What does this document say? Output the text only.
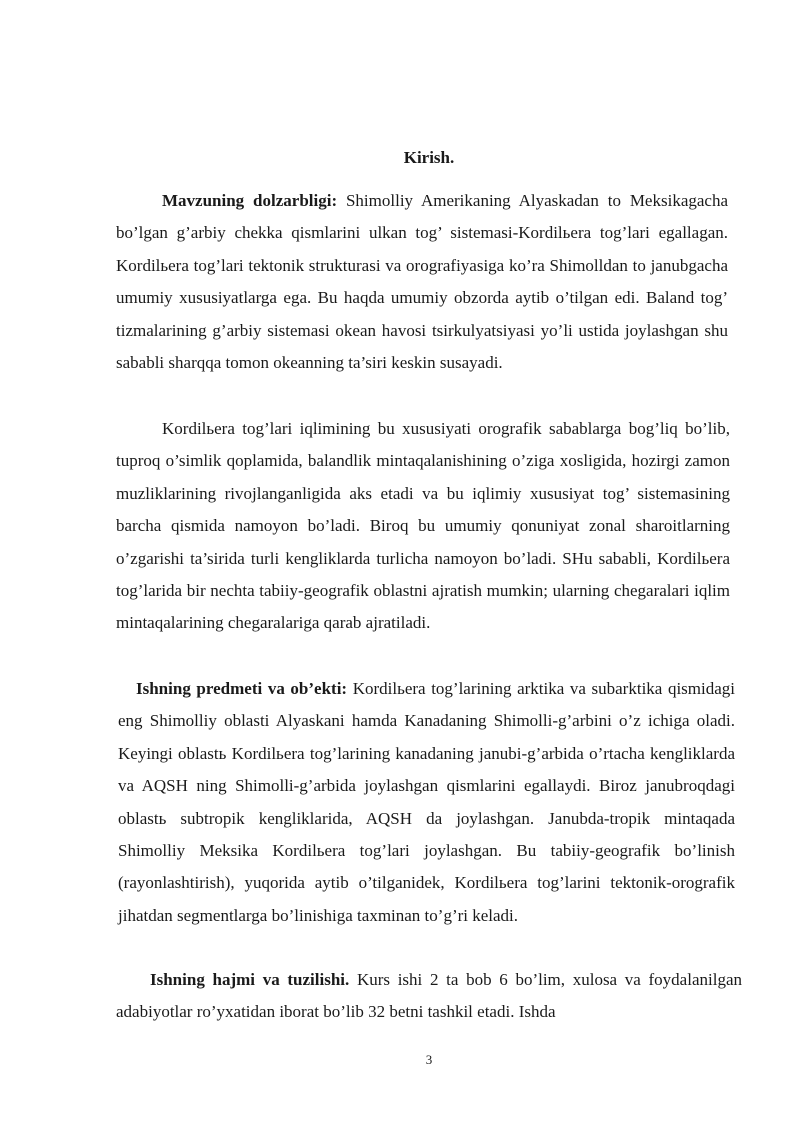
Kirish.

Mavzuning dolzarbligi: Shimolliy Amerikaning Alyaskadan to Meksikagacha bo’lgan g’arbiy chekka qismlarini ulkan tog’ sistemasi-Kordilьera tog’lari egallagan. Kordilьera tog’lari tektonik strukturasi va orografiyasiga ko’ra Shimolldan to janubgacha umumiy xususiyatlarga ega. Bu haqda umumiy obzorda aytib o’tilgan edi. Baland tog’ tizmalarining g’arbiy sistemasi okean havosi tsirkulyatsiyasi yo’li ustida joylashgan shu sababli sharqqa tomon okeanning ta’siri keskin susayadi.

Kordilьera tog’lari iqlimining bu xususiyati orografik sabablarga bog’liq bo’lib, tuproq o’simlik qoplamida, balandlik mintaqalanishining o’ziga xosligida, hozirgi zamon muzliklarining rivojlanganligida aks etadi va bu iqlimiy xususiyat tog’ sistemasining barcha qismida namoyon bo’ladi. Biroq bu umumiy qonuniyat zonal sharoitlarning o’zgarishi ta’sirida turli kengliklarda turlicha namoyon bo’ladi. SHu sababli, Kordilьera tog’larida bir nechta tabiiy-geografik oblastni ajratish mumkin; ularning chegaralari iqlim mintaqalarining chegaralariga qarab ajratiladi.

Ishning predmeti va ob’ekti: Kordilьera tog’larining arktika va subarktika qismidagi eng Shimolliy oblasti Alyaskani hamda Kanadaning Shimolli-g’arbini o’z ichiga oladi. Keyingi oblastь Kordilьera tog’larining kanadaning janubi-g’arbida o’rtacha kengliklarda va AQSH ning Shimolli-g’arbida joylashgan qismlarini egallaydi. Biroz janubroqdagi oblastь subtropik kengliklarida, AQSH da joylashgan. Janubda-tropik mintaqada Shimolliy Meksika Kordilьera tog’lari joylashgan. Bu tabiiy-geografik bo’linish (rayonlashtirish), yuqorida aytib o’tilganidek, Kordilьera tog’larini tektonik-orografik jihatdan segmentlarga bo’linishiga taxminan to’g’ri keladi.

Ishning hajmi va tuzilishi. Kurs ishi 2 ta bob 6 bo’lim, xulosa va foydalanilgan adabiyotlar ro’yxatidan iborat bo’lib 32 betni tashkil etadi. Ishda

3
